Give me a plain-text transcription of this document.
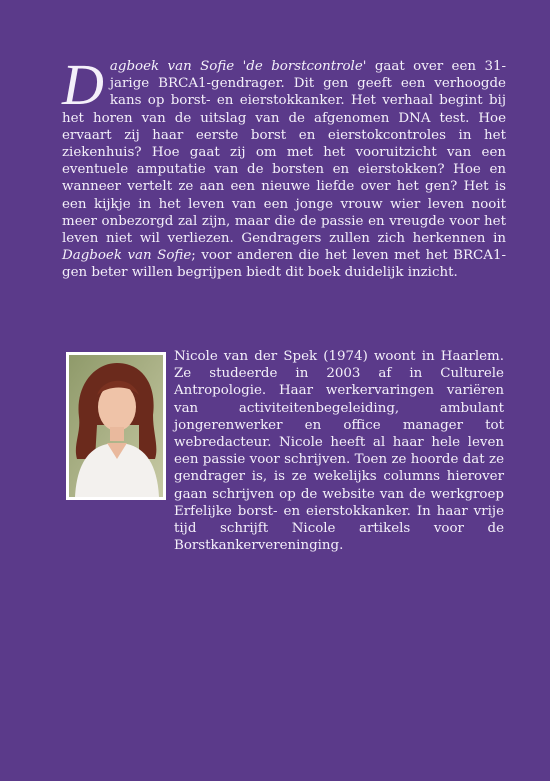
D agboek van Sofie 'de borstcontrole' gaat over een 31-jarige BRCA1-gendrager. Dit gen geeft een verhoogde kans op borst- en eierstokkanker. Het verhaal begint bij het horen van de uitslag van de afgenomen DNA test. Hoe ervaart zij haar eerste borst en eierstokcontroles in het ziekenhuis? Hoe gaat zij om met het vooruitzicht van een eventuele amputatie van de borsten en eierstokken? Hoe en wanneer vertelt ze aan een nieuwe liefde over het gen? Het is een kijkje in het leven van een jonge vrouw wier leven nooit meer onbezorgd zal zijn, maar die de passie en vreugde voor het leven niet wil verliezen. Gendragers zullen zich herkennen in Dagboek van Sofie; voor anderen die het leven met het BRCA1-gen beter willen begrijpen biedt dit boek duidelijk inzicht.

Nicole van der Spek (1974) woont in Haarlem. Ze studeerde in 2003 af in Culturele Antropologie. Haar werkervaringen variëren van activiteitenbegeleiding, ambulant jongerenwerker en office manager tot webredacteur. Nicole heeft al haar hele leven een passie voor schrijven. Toen ze hoorde dat ze gendrager is, is ze wekelijks columns hierover gaan schrijven op de website van de werkgroep Erfelijke borst- en eierstokkanker. In haar vrije tijd schrijft Nicole artikels voor de Borstkankervereninging.
